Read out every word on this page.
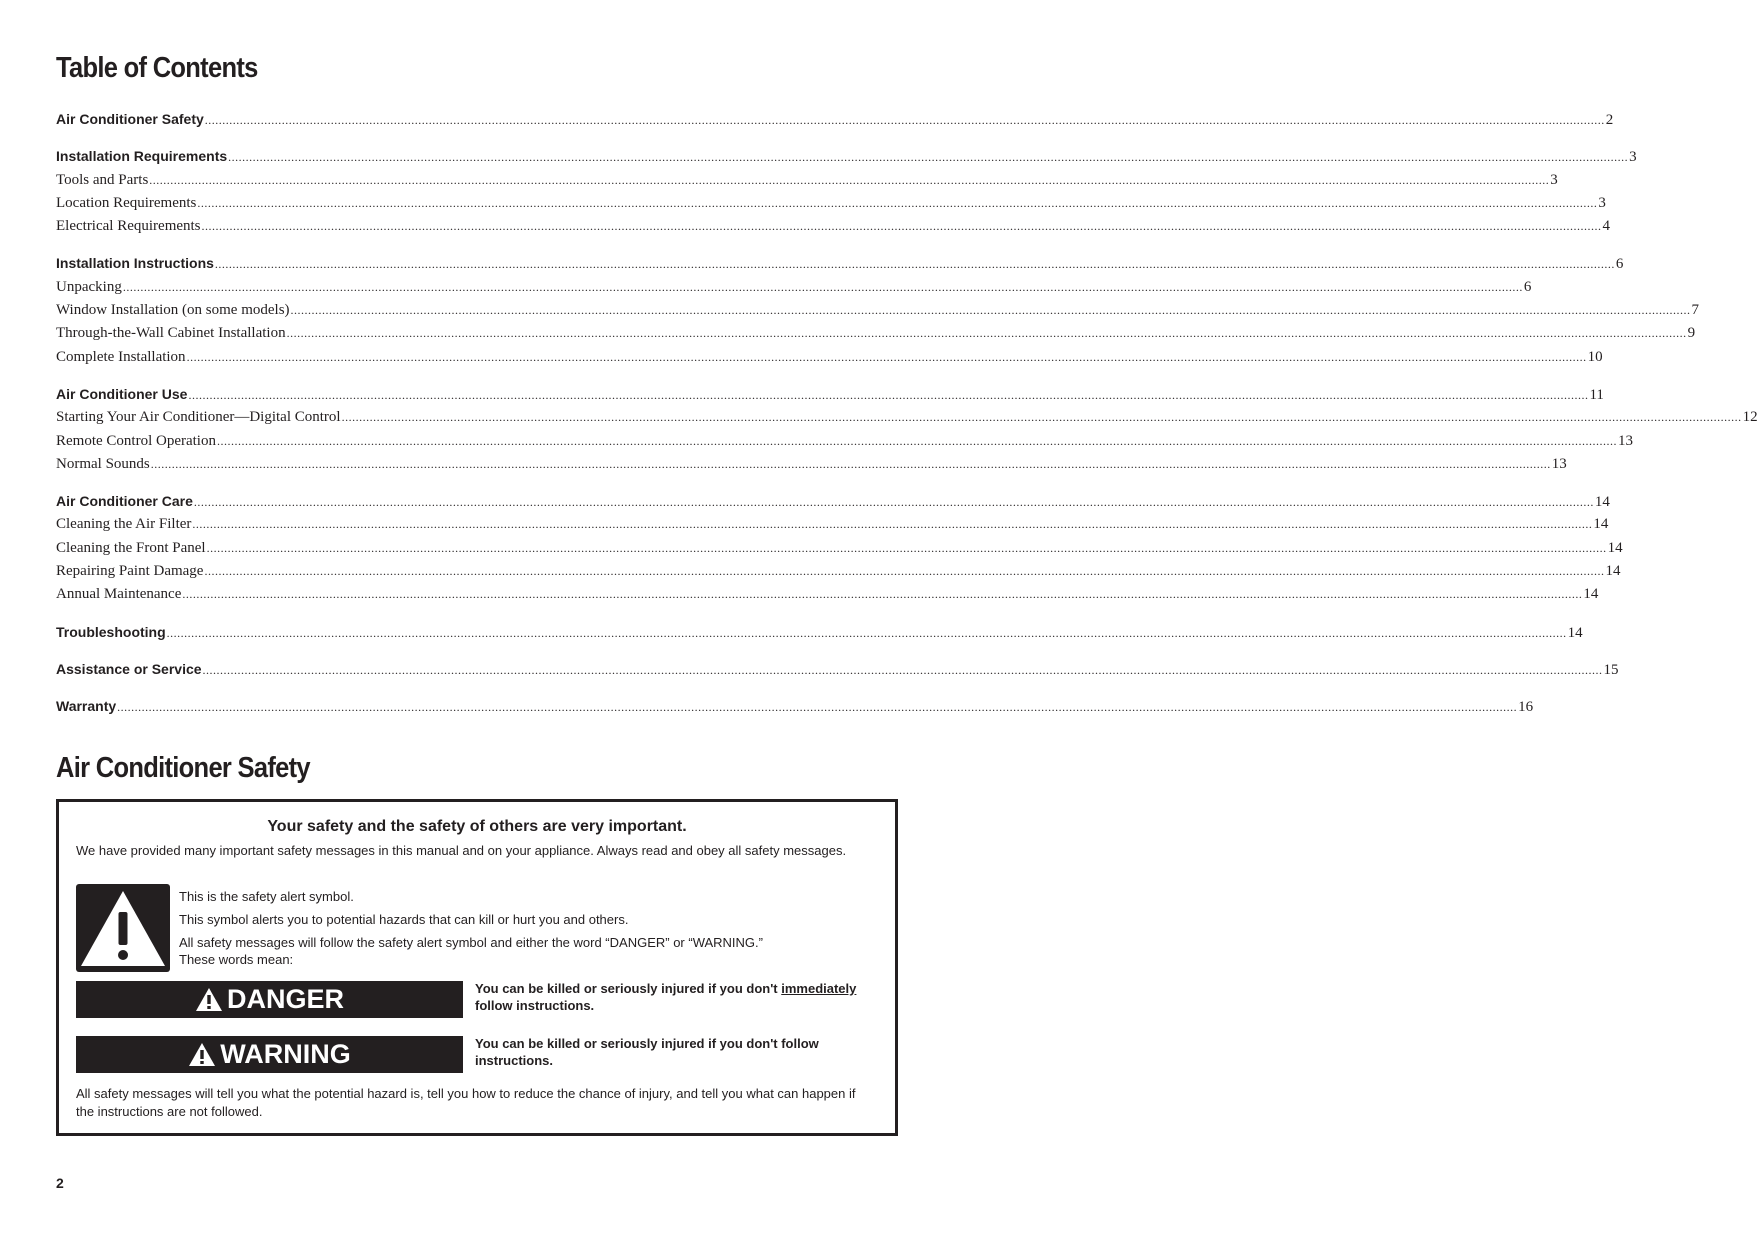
Table of Contents
Air Conditioner Safety ................................................................................................................................................................................................................................................................................................................................................................................................................ 2
Installation Requirements ................................................................................................................................................................................................................................................................................................................................................................................................................ 3
Tools and Parts ................................................................................................................................................................................................................................................................................................................................................................................................................ 3
Location Requirements ................................................................................................................................................................................................................................................................................................................................................................................................................ 3
Electrical Requirements ................................................................................................................................................................................................................................................................................................................................................................................................................ 4
Installation Instructions ................................................................................................................................................................................................................................................................................................................................................................................................................ 6
Unpacking ................................................................................................................................................................................................................................................................................................................................................................................................................ 6
Window Installation (on some models) ................................................................................................................................................................................................................................................................................................................................................................................................................ 7
Through-the-Wall Cabinet Installation ................................................................................................................................................................................................................................................................................................................................................................................................................ 9
Complete Installation ................................................................................................................................................................................................................................................................................................................................................................................................................ 10
Air Conditioner Use ................................................................................................................................................................................................................................................................................................................................................................................................................ 11
Starting Your Air Conditioner—Digital Control ................................................................................................................................................................................................................................................................................................................................................................................................................ 12
Remote Control Operation ................................................................................................................................................................................................................................................................................................................................................................................................................ 13
Normal Sounds ................................................................................................................................................................................................................................................................................................................................................................................................................ 13
Air Conditioner Care ................................................................................................................................................................................................................................................................................................................................................................................................................ 14
Cleaning the Air Filter ................................................................................................................................................................................................................................................................................................................................................................................................................ 14
Cleaning the Front Panel ................................................................................................................................................................................................................................................................................................................................................................................................................ 14
Repairing Paint Damage ................................................................................................................................................................................................................................................................................................................................................................................................................ 14
Annual Maintenance ................................................................................................................................................................................................................................................................................................................................................................................................................ 14
Troubleshooting ................................................................................................................................................................................................................................................................................................................................................................................................................ 14
Assistance or Service ................................................................................................................................................................................................................................................................................................................................................................................................................ 15
Warranty ................................................................................................................................................................................................................................................................................................................................................................................................................ 16
Air Conditioner Safety
Your safety and the safety of others are very important.
We have provided many important safety messages in this manual and on your appliance. Always read and obey all safety messages.
This is the safety alert symbol.
This symbol alerts you to potential hazards that can kill or hurt you and others.
All safety messages will follow the safety alert symbol and either the word “DANGER” or “WARNING.”
These words mean:
DANGER	You can be killed or seriously injured if you don't immediately follow instructions.
WARNING	You can be killed or seriously injured if you don't follow instructions.
All safety messages will tell you what the potential hazard is, tell you how to reduce the chance of injury, and tell you what can happen if the instructions are not followed.
2
